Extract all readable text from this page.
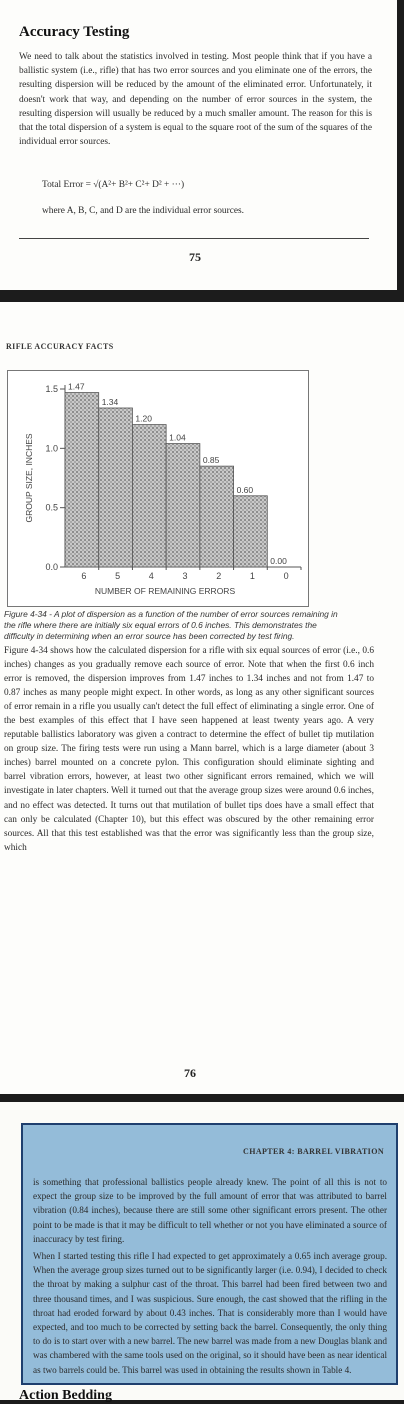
Accuracy Testing
We need to talk about the statistics involved in testing. Most people think that if you have a ballistic system (i.e., rifle) that has two error sources and you eliminate one of the errors, the resulting dispersion will be reduced by the amount of the eliminated error. Unfortunately, it doesn't work that way, and depending on the number of error sources in the system, the resulting dispersion will usually be reduced by a much smaller amount. The reason for this is that the total dispersion of a system is equal to the square root of the sum of the squares of the individual error sources.
Total Error = √(A²+ B²+ C²+ D² + ···)
where A, B, C, and D are the individual error sources.
75
RIFLE ACCURACY FACTS
0.0
0.5
1.0
1.5
GROUP SIZE, INCHES
1.47
6
1.34
5
1.20
4
1.04
3
0.85
2
0.60
1
0.00
0
NUMBER OF REMAINING ERRORS
Figure 4-34 - A plot of dispersion as a function of the number of error sources remaining in the rifle where there are initially six equal errors of 0.6 inches. This demonstrates the difficulty in determining when an error source has been corrected by test firing.
Figure 4-34 shows how the calculated dispersion for a rifle with six equal sources of error (i.e., 0.6 inches) changes as you gradually remove each source of error. Note that when the first 0.6 inch error is removed, the dispersion improves from 1.47 inches to 1.34 inches and not from 1.47 to 0.87 inches as many people might expect. In other words, as long as any other significant sources of error remain in a rifle you usually can't detect the full effect of eliminating a single error. One of the best examples of this effect that I have seen happened at least twenty years ago. A very reputable ballistics laboratory was given a contract to determine the effect of bullet tip mutilation on group size. The firing tests were run using a Mann barrel, which is a large diameter (about 3 inches) barrel mounted on a concrete pylon. This configuration should eliminate sighting and barrel vibration errors, however, at least two other significant errors remained, which we will investigate in later chapters. Well it turned out that the average group sizes were around 0.6 inches, and no effect was detected. It turns out that mutilation of bullet tips does have a small effect that can only be calculated (Chapter 10), but this effect was obscured by the other remaining error sources. All that this test established was that the error was significantly less than the group size, which
76
CHAPTER 4: BARREL VIBRATION
is something that professional ballistics people already knew. The point of all this is not to expect the group size to be improved by the full amount of error that was attributed to barrel vibration (0.84 inches), because there are still some other significant errors present. The other point to be made is that it may be difficult to tell whether or not you have eliminated a source of inaccuracy by test firing.
When I started testing this rifle I had expected to get approximately a 0.65 inch average group. When the average group sizes turned out to be significantly larger (i.e. 0.94), I decided to check the throat by making a sulphur cast of the throat. This barrel had been fired between two and three thousand times, and I was suspicious. Sure enough, the cast showed that the rifling in the throat had eroded forward by about 0.43 inches. That is considerably more than I would have expected, and too much to be corrected by setting back the barrel. Consequently, the only thing to do is to start over with a new barrel. The new barrel was made from a new Douglas blank and was chambered with the same tools used on the original, so it should have been as near identical as two barrels could be. This barrel was used in obtaining the results shown in Table 4.
Action Bedding
